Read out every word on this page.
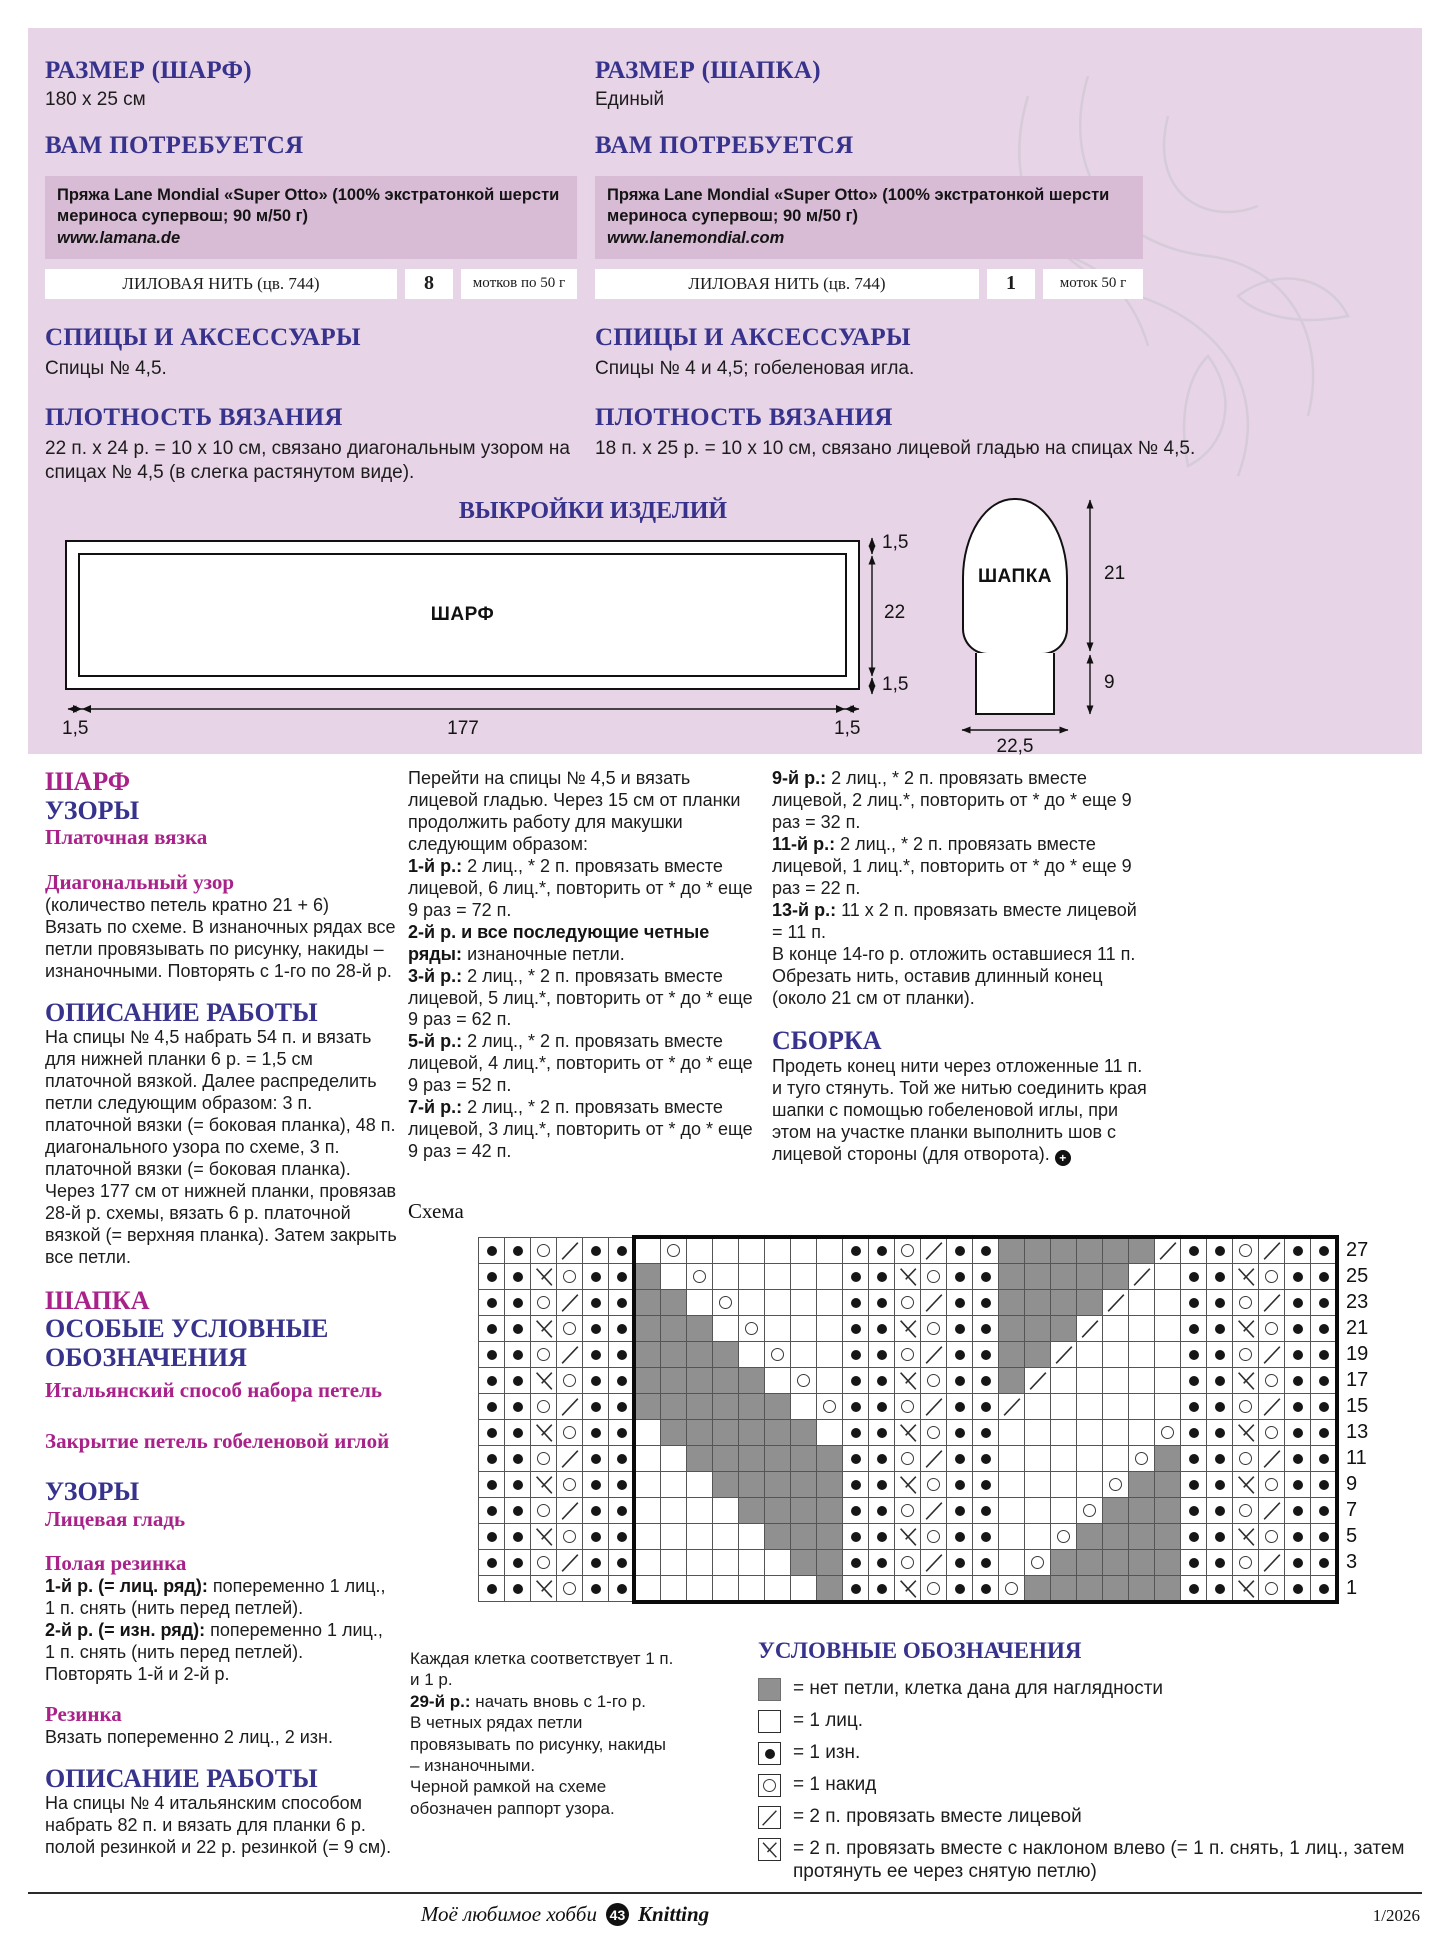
РАЗМЕР (ШАРФ)
180 x 25 см
ВАМ ПОТРЕБУЕТСЯ
Пряжа Lane Mondial «Super Otto» (100% экстратонкой шерсти мериноса супервош; 90 м/50 г)
www.lamana.de
ЛИЛОВАЯ НИТЬ (цв. 744)	8	мотков по 50 г
СПИЦЫ И АКСЕССУАРЫ
Спицы № 4,5.
ПЛОТНОСТЬ ВЯЗАНИЯ
22 п. х 24 р. = 10 х 10 см, связано диагональным узором на спицах № 4,5 (в слегка растянутом виде).
РАЗМЕР (ШАПКА)
Единый
ВАМ ПОТРЕБУЕТСЯ
Пряжа Lane Mondial «Super Otto» (100% экстратонкой шерсти мериноса супервош; 90 м/50 г)
www.lanemondial.com
ЛИЛОВАЯ НИТЬ (цв. 744)	1	моток 50 г
СПИЦЫ И АКСЕССУАРЫ
Спицы № 4 и 4,5; гобеленовая игла.
ПЛОТНОСТЬ ВЯЗАНИЯ
18 п. х 25 р. = 10 х 10 см, связано лицевой гладью на спицах № 4,5.
ВЫКРОЙКИ ИЗДЕЛИЙ
ШАРФ
ШАПКА
1,5
22
1,5
1,5	177	1,5
21
9
22,5
ШАРФ
УЗОРЫ
Платочная вязка
Диагональный узор

(количество петель кратно 21 + 6)

Вязать по схеме. В изнаночных рядах все петли провязывать по рисунку, накиды – изнаночными. Повторять с 1-го по 28-й р.

ОПИСАНИЕ РАБОТЫ

На спицы № 4,5 набрать 54 п. и вязать для нижней планки 6 р. = 1,5 см платочной вязкой. Далее распределить петли следующим образом: 3 п. платочной вязки (= боковая планка), 48 п. диагонального узора по схеме, 3 п. платочной вязки (= боковая планка). Через 177 см от нижней планки, провязав 28-й р. схемы, вязать 6 р. платочной вязкой (= верхняя планка). Затем закрыть все петли.

ШАПКА
ОСОБЫЕ УСЛОВНЫЕ ОБОЗНАЧЕНИЯ
Итальянский способ набора петель
Закрытие петель гобеленовой иглой
УЗОРЫ
Лицевая гладь
Полая резинка

1-й р. (= лиц. ряд): попеременно 1 лиц., 1 п. снять (нить перед петлей).

2-й р. (= изн. ряд): попеременно 1 лиц., 1 п. снять (нить перед петлей).

Повторять 1-й и 2-й р.

Резинка

Вязать попеременно 2 лиц., 2 изн.

ОПИСАНИЕ РАБОТЫ

На спицы № 4 итальянским способом набрать 82 п. и вязать для планки 6 р. полой резинкой и 22 р. резинкой (= 9 см).

Перейти на спицы № 4,5 и вязать лицевой гладью. Через 15 см от планки продолжить работу для макушки следующим образом:

1-й р.: 2 лиц., * 2 п. провязать вместе лицевой, 6 лиц.*, повторить от * до * еще 9 раз = 72 п.

2-й р. и все последующие четные ряды: изнаночные петли.

3-й р.: 2 лиц., * 2 п. провязать вместе лицевой, 5 лиц.*, повторить от * до * еще 9 раз = 62 п.

5-й р.: 2 лиц., * 2 п. провязать вместе лицевой, 4 лиц.*, повторить от * до * еще 9 раз = 52 п.

7-й р.: 2 лиц., * 2 п. провязать вместе лицевой, 3 лиц.*, повторить от * до * еще 9 раз = 42 п.

Схема

9-й р.: 2 лиц., * 2 п. провязать вместе лицевой, 2 лиц.*, повторить от * до * еще 9 раз = 32 п.

11-й р.: 2 лиц., * 2 п. провязать вместе лицевой, 1 лиц.*, повторить от * до * еще 9 раз = 22 п.

13-й р.: 11 х 2 п. провязать вместе лицевой = 11 п.

В конце 14-го р. отложить оставшиеся 11 п.

Обрезать нить, оставив длинный конец (около 21 см от планки).

СБОРКА

Продеть конец нити через отложенные 11 п. и туго стянуть. Той же нитью соединить края шапки с помощью гобеленовой иглы, при этом на участке планки выполнить шов с лицевой стороны (для отворота). +

27
25
23
21
19
17
15
13
11
9
7
5
3
1

Каждая клетка соответствует 1 п. и 1 р.

29-й р.: начать вновь с 1-го р.

В четных рядах петли провязывать по рисунку, накиды – изнаночными.

Черной рамкой на схеме обозначен раппорт узора.

УСЛОВНЫЕ ОБОЗНАЧЕНИЯ
= нет петли, клетка дана для наглядности
= 1 лиц.
= 1 изн.
= 1 накид
= 2 п. провязать вместе лицевой
= 2 п. провязать вместе с наклоном влево (= 1 п. снять, 1 лиц., затем протянуть ее через снятую петлю)
Моё любимое хобби 43 Knitting	1/2026
